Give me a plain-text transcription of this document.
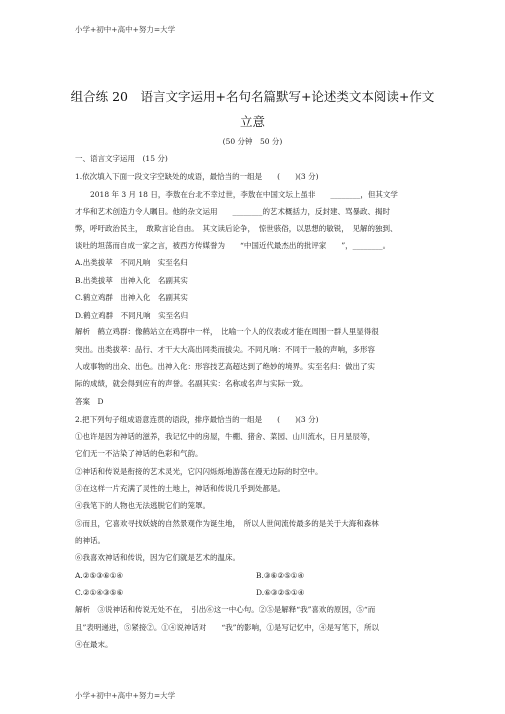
小学+初中+高中+努力=大学
组合练 20　语言文字运用+名句名篇默写+论述类文本阅读+作文
立意
(50 分钟　50 分)
一、语言文字运用　(15 分)
1.依次填入下面一段文字空缺处的成语，最恰当的一组是　　(　　)(3 分)
　　2018 年 3 月 18 日，李敖在台北不幸过世，李敖在中国文坛上虽非　　________，但其文学
才华和艺术创造力令人瞩目。他的杂文运用　　________的艺术概括力，反封建、骂暴政、揭时
弊，呼吁政治民主，　敢欺言论自由。　其文读后论争，　惊世骇俗，以思想的敏锐，　见解的独到、
谈吐的坦荡而自成一家之言，被西方传媒誉为　　“中国近代最杰出的批评家　　”，________。
A.出类拔萃　不同凡响　实至名归
B.出类拔萃　出神入化　名副其实
C.鹤立鸡群　出神入化　名副其实
D.鹤立鸡群　不同凡响　实至名归
解析　鹤立鸡群：像鹤站立在鸡群中一样，　比喻一个人的仪表或才能在周围一群人里显得很
突出。出类拔萃：品行、才干大大高出同类而拔尖。不同凡响：不同于一般的声响，多形容
人或事物的出众、出色。出神入化：形容技艺高超达到了绝妙的境界。实至名归：做出了实
际的成绩，就会得到应有的声誉。名副其实：名称或名声与实际一致。
答案　D
2.把下列句子组成语意连贯的语段，排序最恰当的一组是　　(　　)(3 分)
①也许是因为神话的滋养，我记忆中的房屋，牛棚、猪舍、菜园、山川流水，日月星辰等，
它们无一不沾染了神话的色彩和气韵。
②神话和传说是衔接的艺术灵光，它闪闪烁烁地游荡在漫无边际的时空中。
③在这样一片充满了灵性的土地上，神话和传说几乎到处都是。
④我笔下的人物也无法逃脱它们的笼罩。
⑤而且，它喜欢寻找妖娆的自然景观作为诞生地，　所以人世间流传最多的是关于大海和森林
的神话。
⑥我喜欢神话和传说，因为它们就是艺术的温床。
A.②⑤③⑥①④	B.③⑥②⑤①④
C.②①④③⑤⑥	D.⑥③②⑤①④
解析　③说神话和传说无处不在，　引出⑥这一中心句。②⑤是解释“我”喜欢的原因，⑤“而
且”表明递进，⑤紧接②。①④说神话对　　“我”的影响，①是写记忆中，④是写笔下，所以
④在最末。
小学+初中+高中+努力=大学
